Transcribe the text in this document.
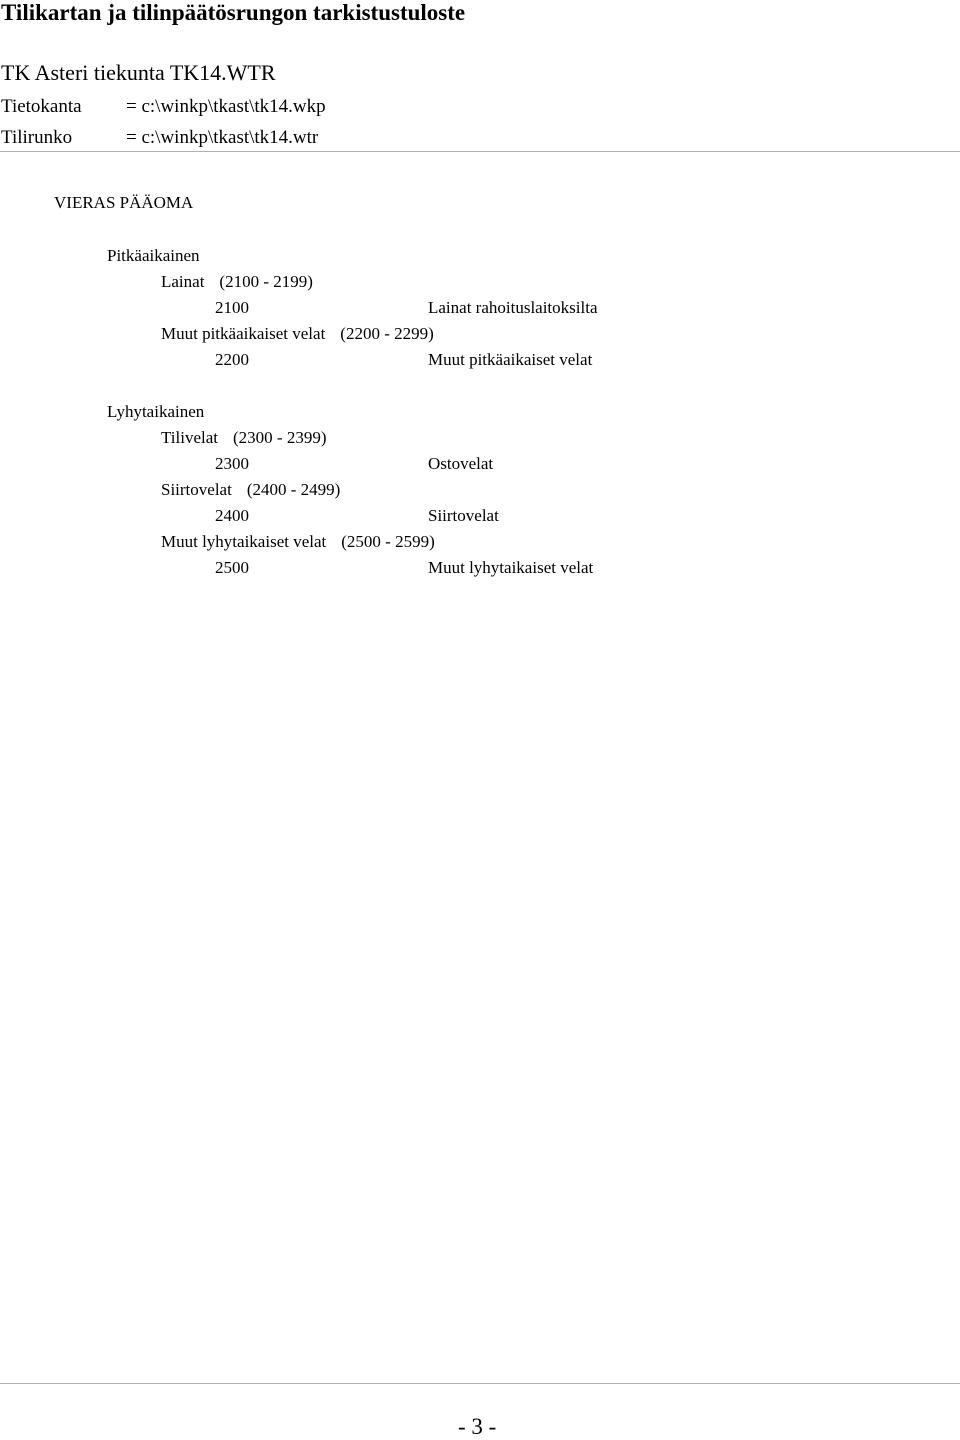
Tilikartan ja tilinpäätösrungon tarkistustuloste
TK Asteri tiekunta TK14.WTR
Tietokanta = c:\winkp\tkast\tk14.wkp
Tilirunko	= c:\winkp\tkast\tk14.wtr
VIERAS PÄÄOMA
Pitkäaikainen
Lainat (2100 - 2199)
2100	Lainat rahoituslaitoksilta
Muut pitkäaikaiset velat (2200 - 2299)
2200	Muut pitkäaikaiset velat
Lyhytaikainen
Tilivelat (2300 - 2399)
2300	Ostovelat
Siirtovelat (2400 - 2499)
2400	Siirtovelat
Muut lyhytaikaiset velat (2500 - 2599)
2500	Muut lyhytaikaiset velat
- 3 -
